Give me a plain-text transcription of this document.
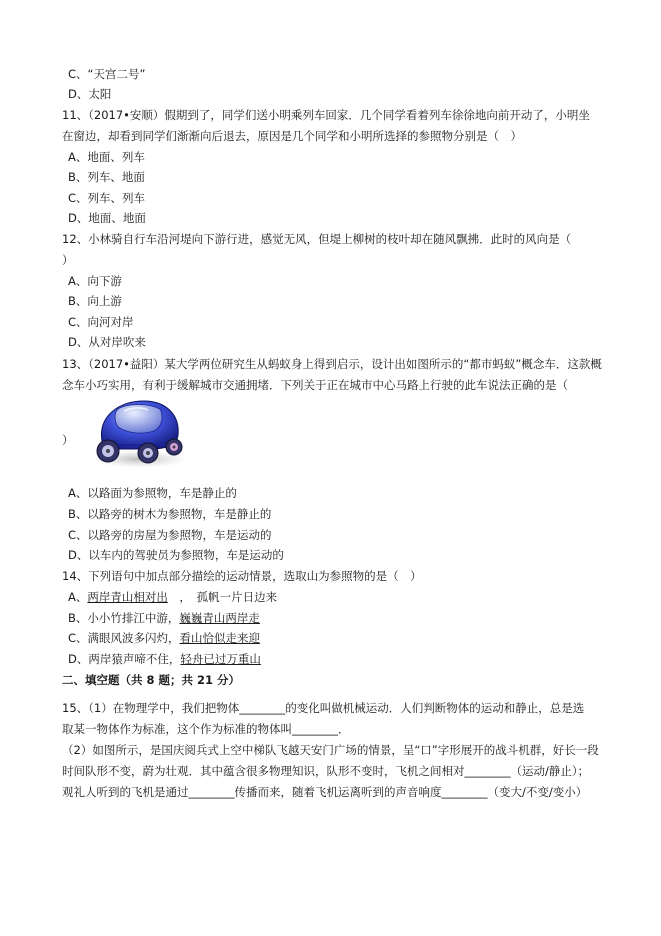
C、“天宫二号”
D、太阳
11、（2017•安顺）假期到了，同学们送小明乘列车回家．几个同学看着列车徐徐地向前开动了，小明坐
在窗边，却看到同学们渐渐向后退去，原因是几个同学和小明所选择的参照物分别是（　）
A、地面、列车
B、列车、地面
C、列车、列车
D、地面、地面
12、小林骑自行车沿河堤向下游行进，感觉无风，但堤上柳树的枝叶却在随风飘拂．此时的风向是（
）
A、向下游
B、向上游
C、向河对岸
D、从对岸吹来
13、（2017•益阳）某大学两位研究生从蚂蚁身上得到启示，设计出如图所示的“都市蚂蚁”概念车．这款概
念车小巧实用，有利于缓解城市交通拥堵．下列关于正在城市中心马路上行驶的此车说法正确的是（
）
A、以路面为参照物，车是静止的
B、以路旁的树木为参照物，车是静止的
C、以路旁的房屋为参照物，车是运动的
D、以车内的驾驶员为参照物，车是运动的
14、下列语句中加点部分描绘的运动情景，选取山为参照物的是（　）
A、两岸青山相对出　，　孤帆一片日边来
B、小小竹排江中游，巍巍青山两岸走
C、满眼风波多闪灼，看山恰似走来迎
D、两岸猿声啼不住，轻舟已过万重山
二、填空题（共 8 题；共 21 分）
15、（1）在物理学中，我们把物体________的变化叫做机械运动．人们判断物体的运动和静止，总是选
取某一物体作为标准，这个作为标准的物体叫________．
（2）如图所示，是国庆阅兵式上空中梯队飞越天安门广场的情景，呈“口”字形展开的战斗机群，好长一段
时间队形不变，蔚为壮观．其中蕴含很多物理知识，队形不变时，飞机之间相对________（运动/静止）；
观礼人听到的飞机是通过________传播而来，随着飞机运离听到的声音响度________（变大/不变/变小）
